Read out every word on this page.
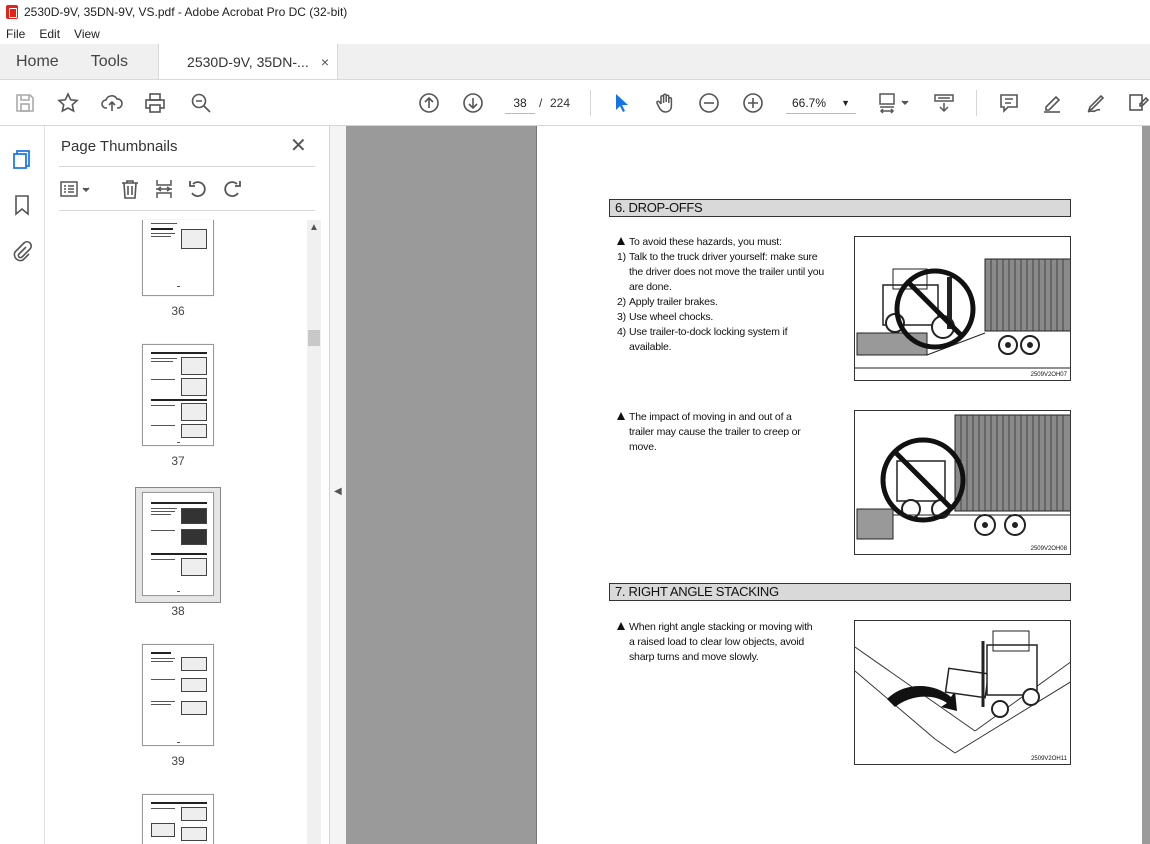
2530D-9V, 35DN-9V, VS.pdf - Adobe Acrobat Pro DC (32-bit)
File	Edit	View
Home	Tools	2530D-9V, 35DN-... ×
38	/ 224	66.7% ▼
Page Thumbnails	✕
36
37
38
39
▲
◀
6. DROP-OFFS
To avoid these hazards, you must:
1) Talk to the truck driver yourself: make sure
the driver does not move the trailer until you
are done.
2) Apply trailer brakes.
3) Use wheel chocks.
4) Use trailer-to-dock locking system if
available.
2509V2OH07
The impact of moving in and out of a
trailer may cause the trailer to creep or
move.
2509V2OH08
7. RIGHT ANGLE STACKING
When right angle stacking or moving with
a raised load to clear low objects, avoid
sharp turns and move slowly.
2509V2OH11
